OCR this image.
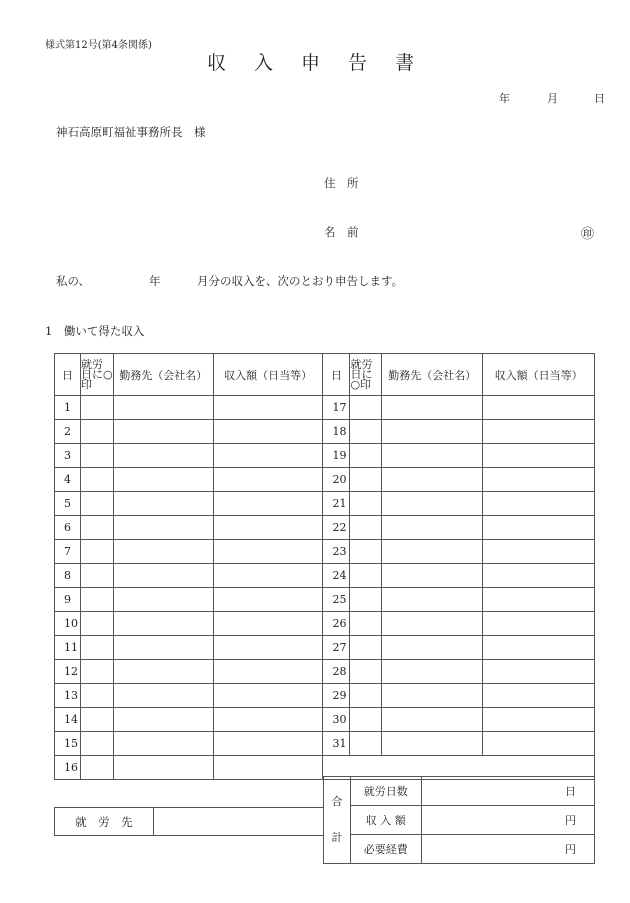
様式第12号(第4条関係)
収 入 申 告 書
年	月	日
神石高原町福祉事務所長　様
住　所
名　前	㊞
私の、	年	月分の収入を、次のとおり申告します。
1　働いて得た収入
日	就労日に○印	勤務先（会社名）	収入額（日当等）	日	就労日に○印	勤務先（会社名）	収入額（日当等）
1				17			
2				18			
3				19			
4				20			
5				21			
6				22			
7				23			
8				24			
9				25			
10				26			
11				27			
12				28			
13				29			
14				30			
15				31			
16							
合
計	就労日数	日
	収 入 額	円
	必要経費	円
就　労　先	
